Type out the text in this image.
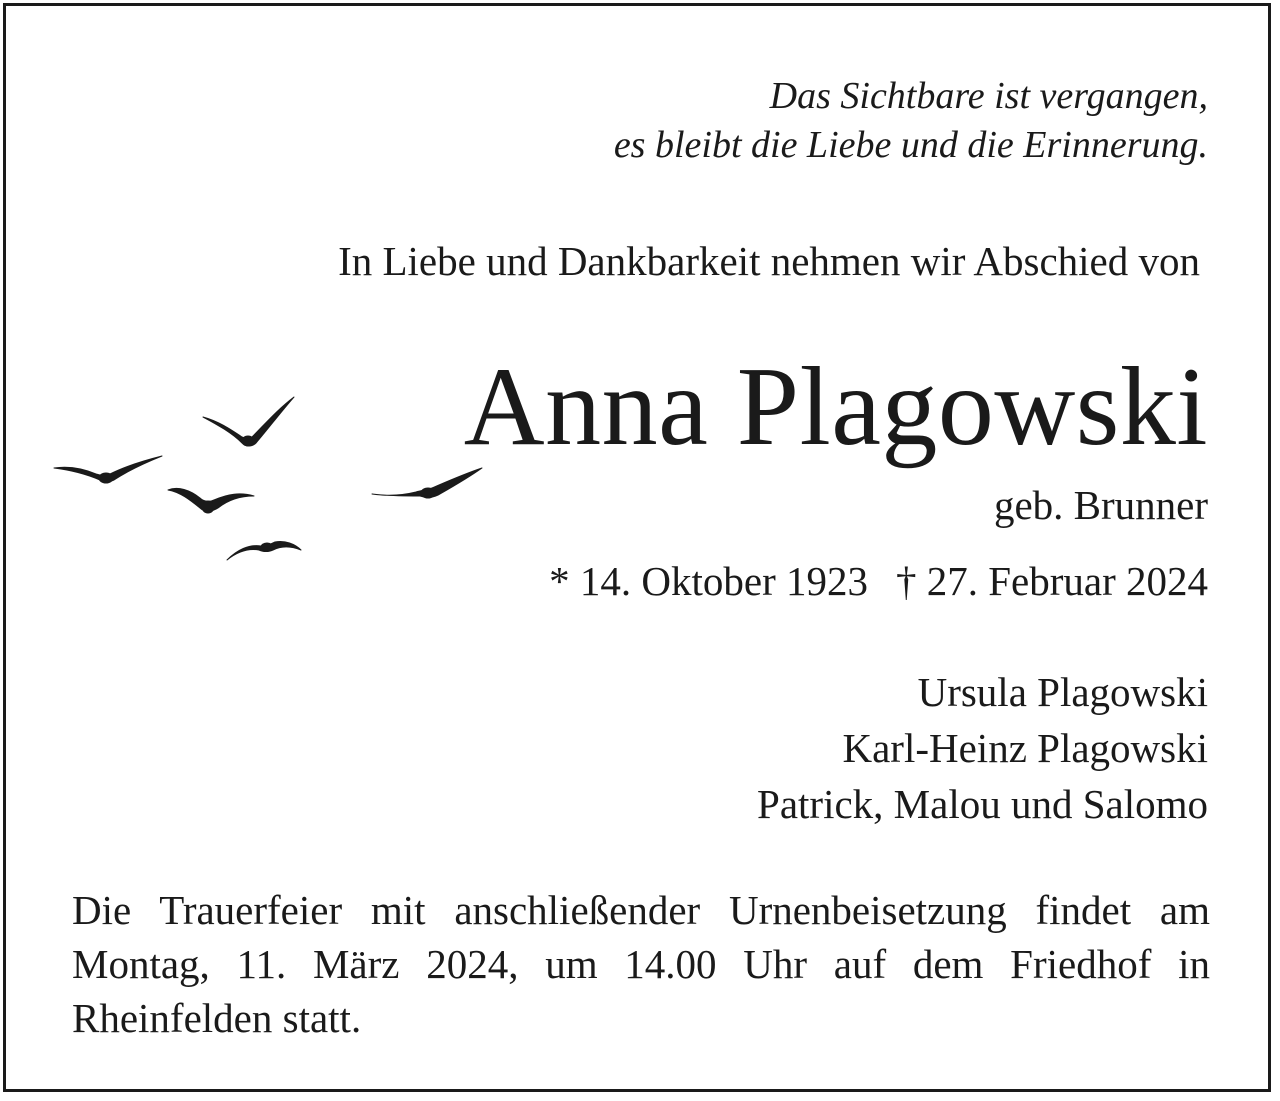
Das Sichtbare ist vergangen,
es bleibt die Liebe und die Erinnerung.
In Liebe und Dankbarkeit nehmen wir Abschied von
Anna Plagowski
geb. Brunner
* 14. Oktober 1923 † 27. Februar 2024
Ursula Plagowski
Karl-Heinz Plagowski
Patrick, Malou und Salomo
Die Trauerfeier mit anschließender Urnenbeisetzung findet am Montag, 11. März 2024, um 14.00 Uhr auf dem Friedhof in Rheinfelden statt.
